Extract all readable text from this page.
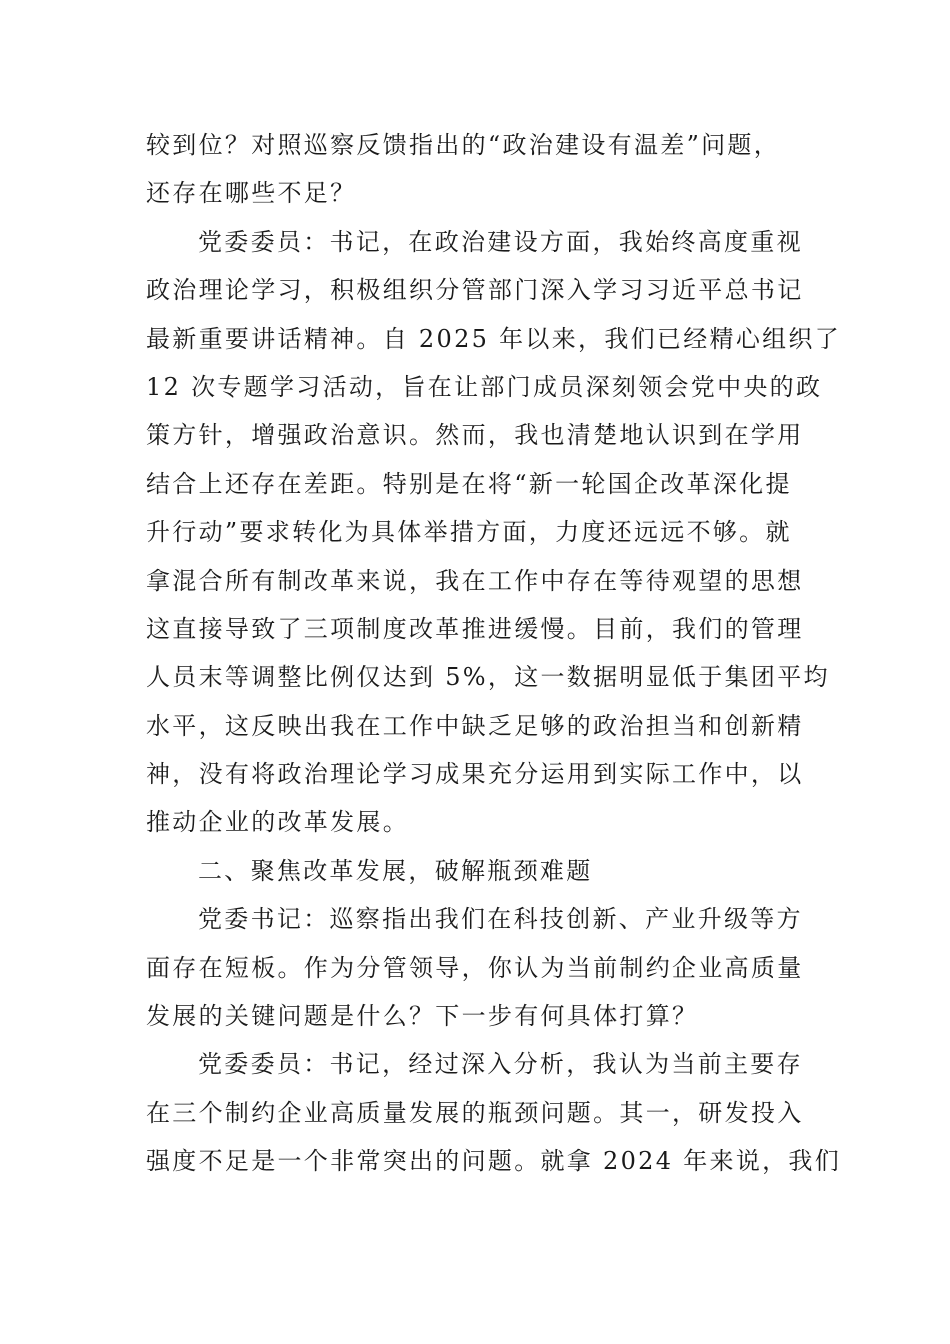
较到位？对照巡察反馈指出的“政治建设有温差”问题，
还存在哪些不足？
党委委员：书记，在政治建设方面，我始终高度重视
政治理论学习，积极组织分管部门深入学习习近平总书记
最新重要讲话精神。自 2025 年以来，我们已经精心组织了
12 次专题学习活动，旨在让部门成员深刻领会党中央的政
策方针，增强政治意识。然而，我也清楚地认识到在学用
结合上还存在差距。特别是在将“新一轮国企改革深化提
升行动”要求转化为具体举措方面，力度还远远不够。就
拿混合所有制改革来说，我在工作中存在等待观望的思想
这直接导致了三项制度改革推进缓慢。目前，我们的管理
人员末等调整比例仅达到 5%，这一数据明显低于集团平均
水平，这反映出我在工作中缺乏足够的政治担当和创新精
神，没有将政治理论学习成果充分运用到实际工作中，以
推动企业的改革发展。
二、聚焦改革发展，破解瓶颈难题
党委书记：巡察指出我们在科技创新、产业升级等方
面存在短板。作为分管领导，你认为当前制约企业高质量
发展的关键问题是什么？下一步有何具体打算？
党委委员：书记，经过深入分析，我认为当前主要存
在三个制约企业高质量发展的瓶颈问题。其一，研发投入
强度不足是一个非常突出的问题。就拿 2024 年来说，我们
